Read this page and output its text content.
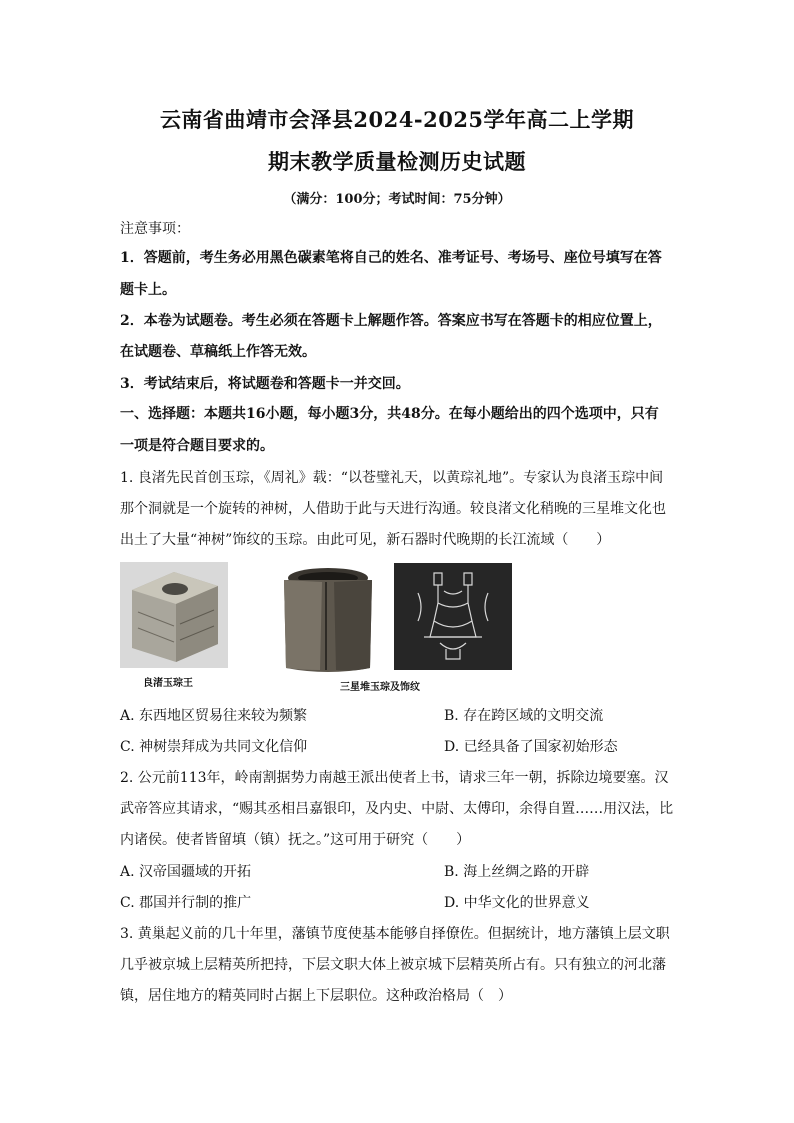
云南省曲靖市会泽县2024-2025学年高二上学期
期末教学质量检测历史试题
（满分：100分；考试时间：75分钟）
注意事项：
1．答题前，考生务必用黑色碳素笔将自己的姓名、准考证号、考场号、座位号填写在答
题卡上。
2．本卷为试题卷。考生必须在答题卡上解题作答。答案应书写在答题卡的相应位置上，
在试题卷、草稿纸上作答无效。
3．考试结束后，将试题卷和答题卡一并交回。
一、选择题：本题共16小题，每小题3分，共48分。在每小题给出的四个选项中，只有
一项是符合题目要求的。
1. 良渚先民首创玉琮，《周礼》载：“以苍璧礼天，以黄琮礼地”。专家认为良渚玉琮中间
那个洞就是一个旋转的神树，人借助于此与天进行沟通。较良渚文化稍晚的三星堆文化也
出土了大量“神树”饰纹的玉琮。由此可见，新石器时代晚期的长江流域（　　）
良渚玉琮王	三星堆玉琮及饰纹
A. 东西地区贸易往来较为频繁	B. 存在跨区域的文明交流
C. 神树崇拜成为共同文化信仰	D. 已经具备了国家初始形态
2. 公元前113年，岭南割据势力南越王派出使者上书，请求三年一朝，拆除边境要塞。汉
武帝答应其请求，“赐其丞相吕嘉银印，及内史、中尉、太傅印，余得自置……用汉法，比
内诸侯。使者皆留填（镇）抚之。”这可用于研究（　　）
A. 汉帝国疆域的开拓	B. 海上丝绸之路的开辟
C. 郡国并行制的推广	D. 中华文化的世界意义
3. 黄巢起义前的几十年里，藩镇节度使基本能够自择僚佐。但据统计，地方藩镇上层文职
几乎被京城上层精英所把持，下层文职大体上被京城下层精英所占有。只有独立的河北藩
镇，居住地方的精英同时占据上下层职位。这种政治格局（　）
